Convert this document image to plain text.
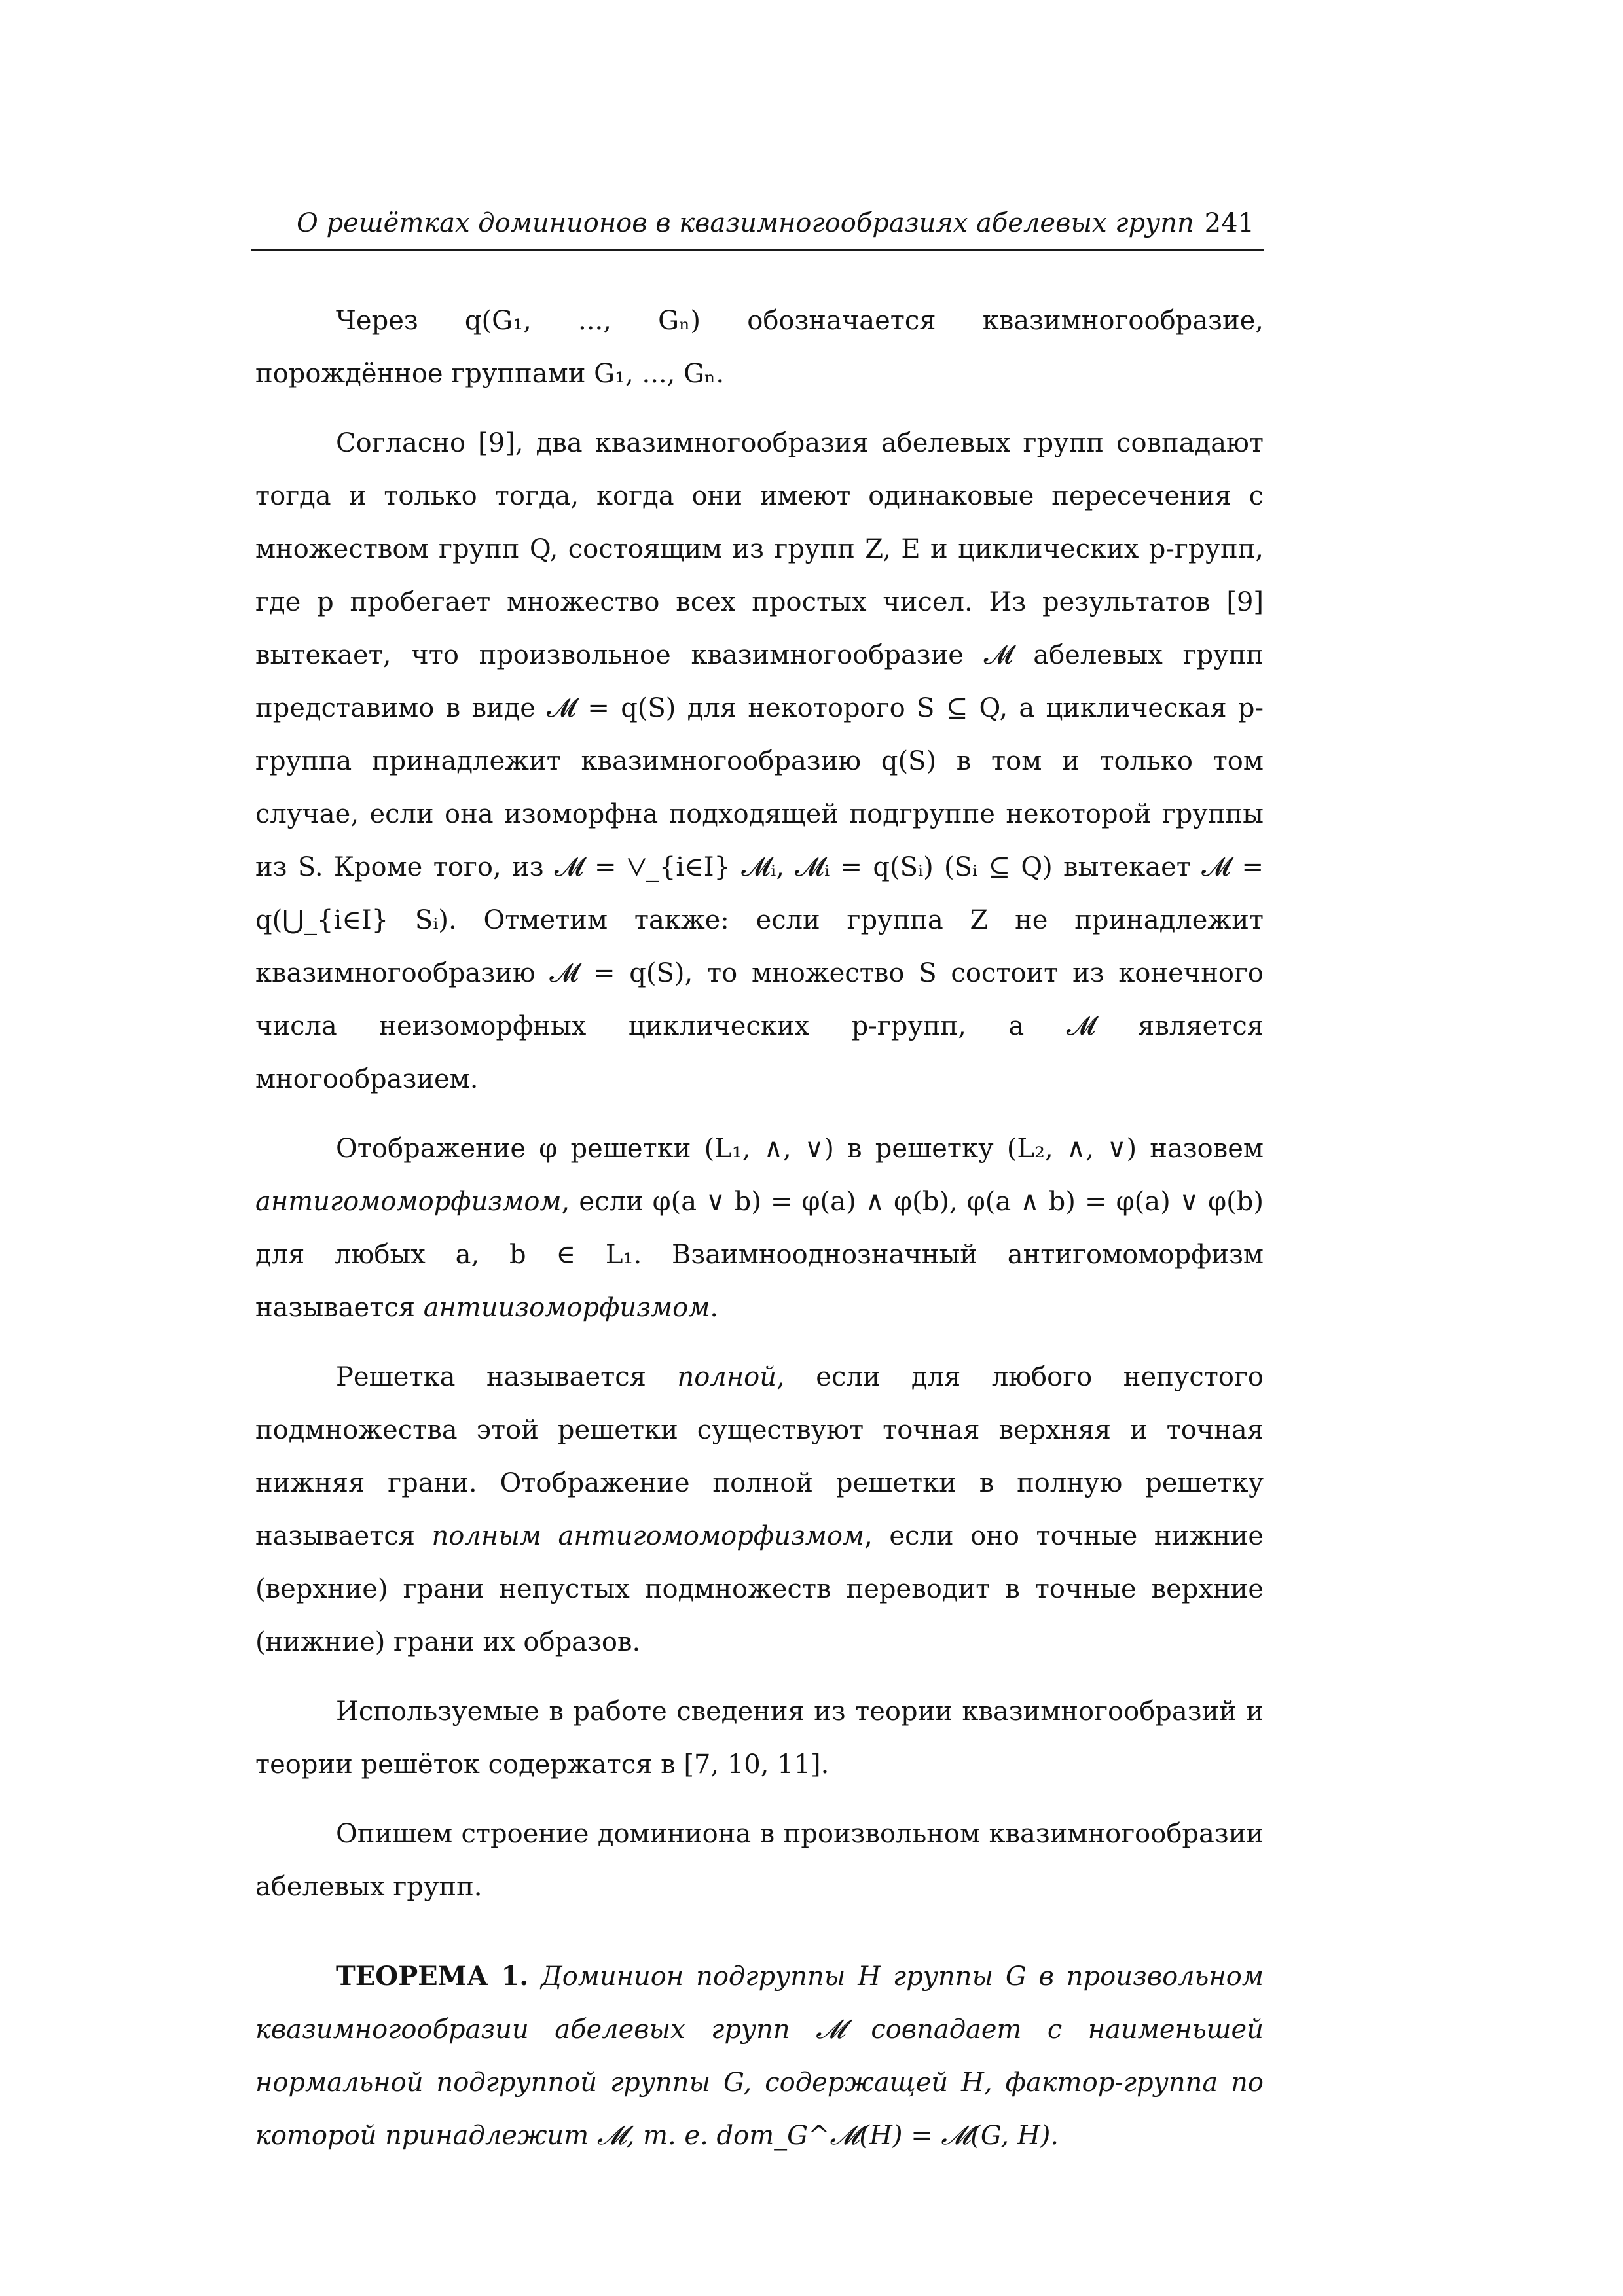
О решётках доминионов в квазимногообразиях абелевых групп 241

Через q(G₁, ..., Gₙ) обозначается квазимногообразие, порождённое группами G₁, ..., Gₙ.

Согласно [9], два квазимногообразия абелевых групп совпадают тогда и только тогда, когда они имеют одинаковые пересечения с множеством групп Q, состоящим из групп Z, E и циклических p-групп, где p пробегает множество всех простых чисел. Из результатов [9] вытекает, что произвольное квазимногообразие 𝓜 абелевых групп представимо в виде 𝓜 = q(S) для некоторого S ⊆ Q, а циклическая p-группа принадлежит квазимногообразию q(S) в том и только том случае, если она изоморфна подходящей подгруппе некоторой группы из S. Кроме того, из 𝓜 = ⋁_{i∈I} 𝓜ᵢ, 𝓜ᵢ = q(Sᵢ) (Sᵢ ⊆ Q) вытекает 𝓜 = q(⋃_{i∈I} Sᵢ). Отметим также: если группа Z не принадлежит квазимногообразию 𝓜 = q(S), то множество S состоит из конечного числа неизоморфных циклических p-групп, а 𝓜 является многообразием.

Отображение φ решетки (L₁, ∧, ∨) в решетку (L₂, ∧, ∨) назовем антигомоморфизмом, если φ(a ∨ b) = φ(a) ∧ φ(b), φ(a ∧ b) = φ(a) ∨ φ(b) для любых a, b ∈ L₁. Взаимнооднозначный антигомоморфизм называется антиизоморфизмом.

Решетка называется полной, если для любого непустого подмножества этой решетки существуют точная верхняя и точная нижняя грани. Отображение полной решетки в полную решетку называется полным антигомоморфизмом, если оно точные нижние (верхние) грани непустых подмножеств переводит в точные верхние (нижние) грани их образов.

Используемые в работе сведения из теории квазимногообразий и теории решёток содержатся в [7, 10, 11].

Опишем строение доминиона в произвольном квазимногообразии абелевых групп.

ТЕОРЕМА 1. Доминион подгруппы H группы G в произвольном квазимногообразии абелевых групп 𝓜 совпадает с наименьшей нормальной подгруппой группы G, содержащей H, фактор-группа по которой принадлежит 𝓜, т. е. dom_G^𝓜(H) = 𝓜(G, H).
